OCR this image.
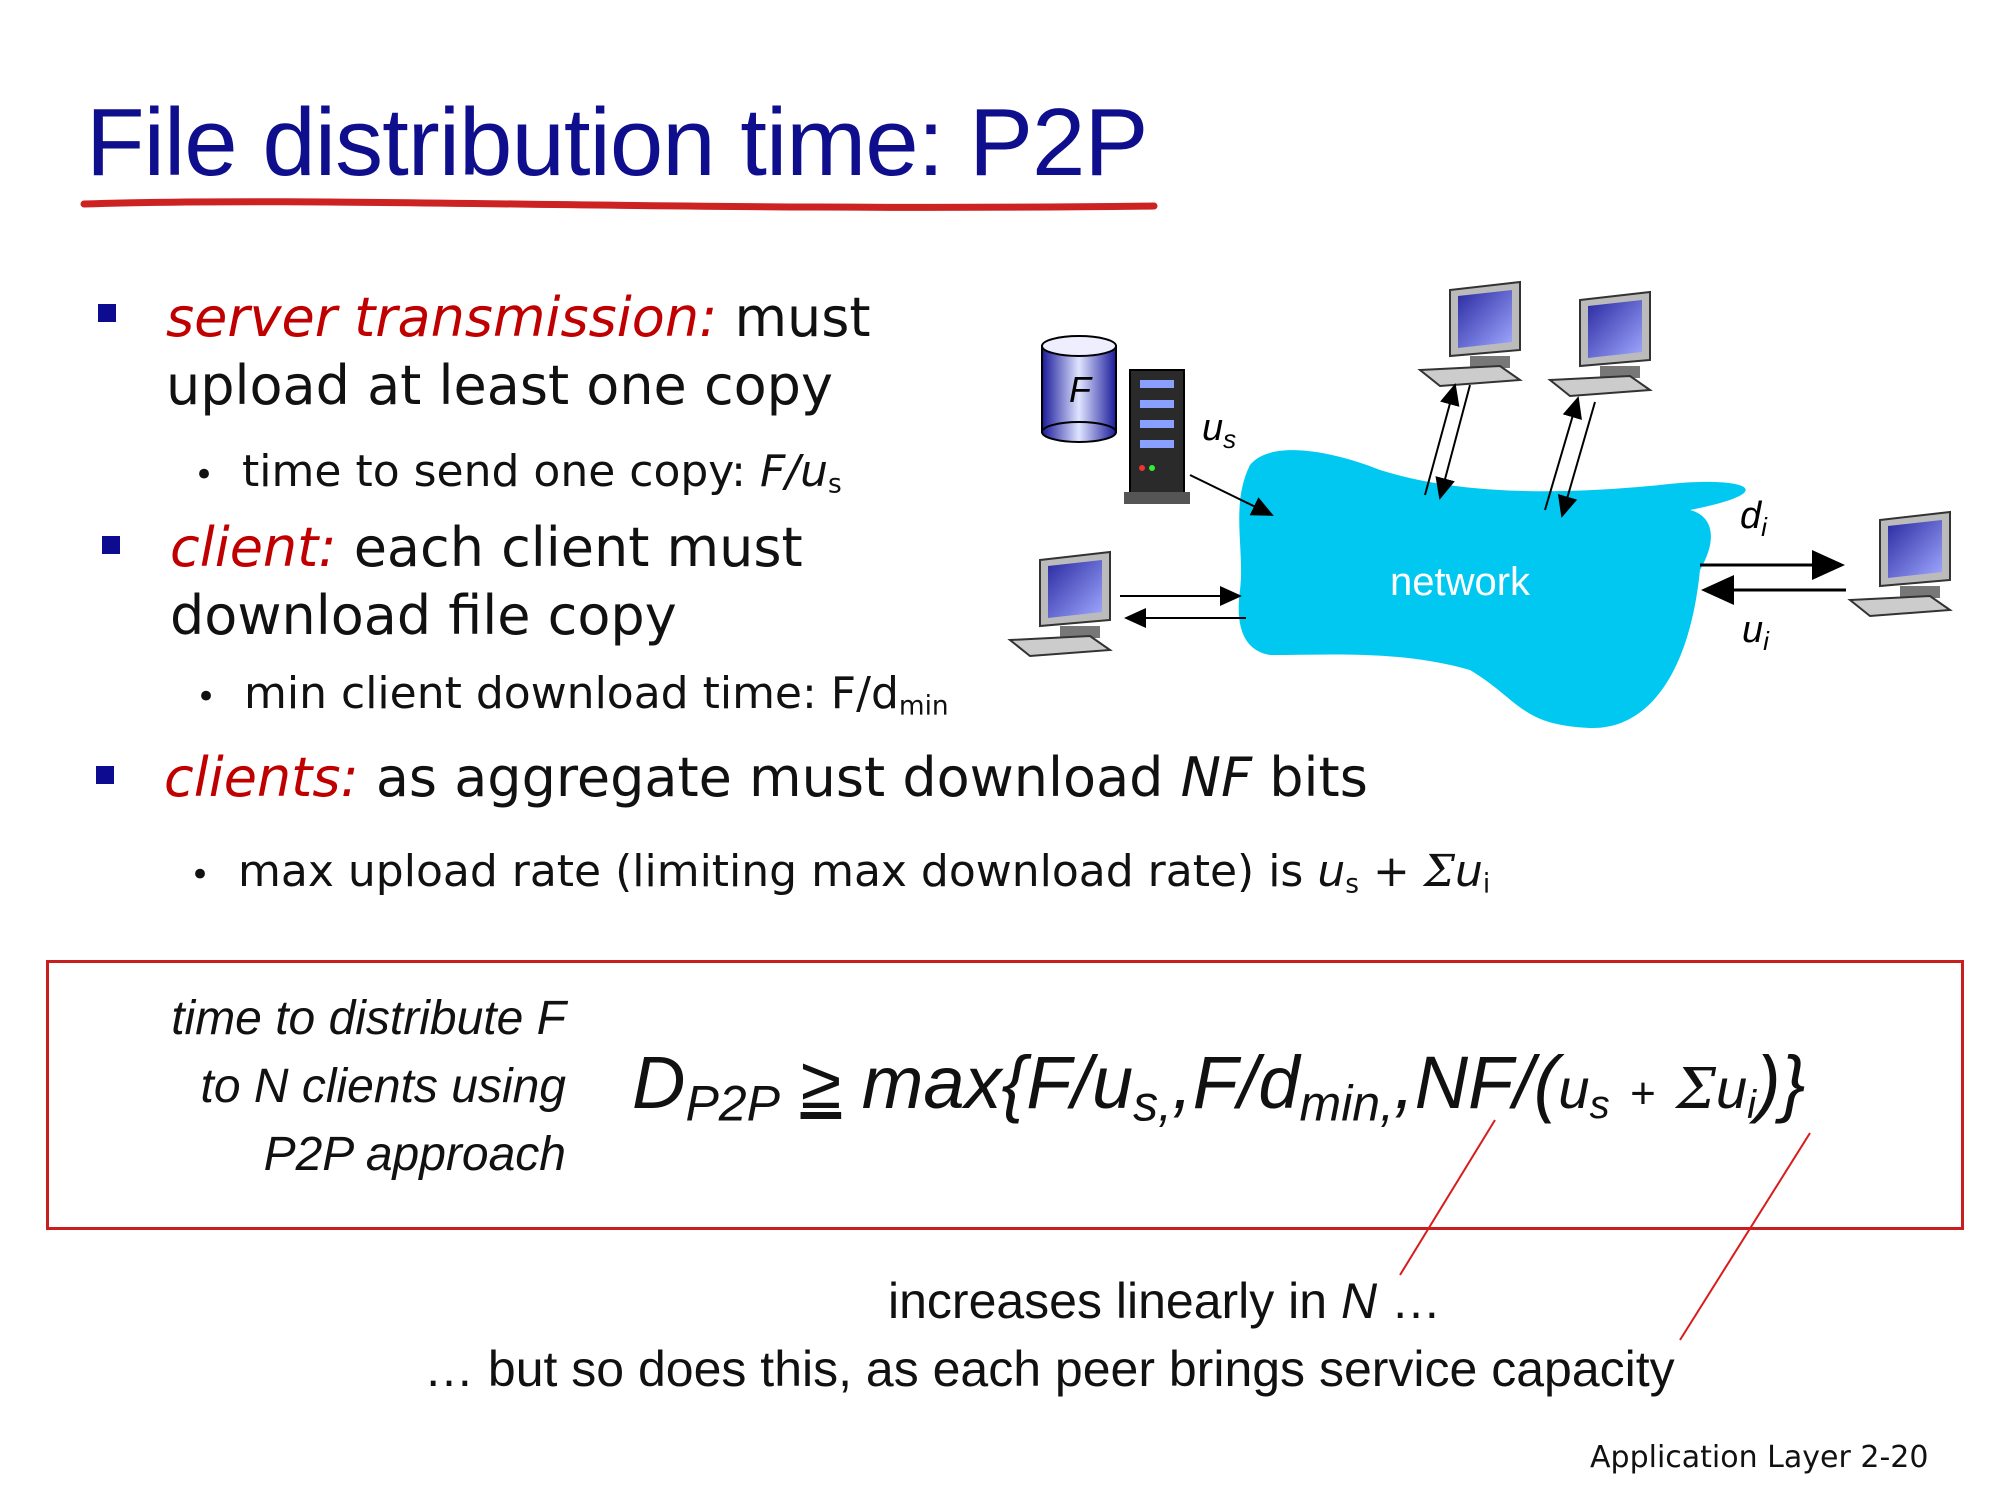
File distribution time: P2P
server transmission: must
upload at least one copy
• time to send one copy: $F/u_s$
client: each client must
download file copy
• min client download time: $F/d_{min}$
clients: as aggregate must download NF bits
• max upload rate (limiting max download rate) is $u_s + \Sigma u_i$
network
F
$u_s$
$d_i$
$u_i$
time to distribute F
to N clients using
P2P approach
$D_{P2P} \ge \max\{F/u_{s,},F/d_{min,},NF/(u_s + \Sigma u_i)\}$
increases linearly in N …
… but so does this, as each peer brings service capacity
Application Layer 2-20
